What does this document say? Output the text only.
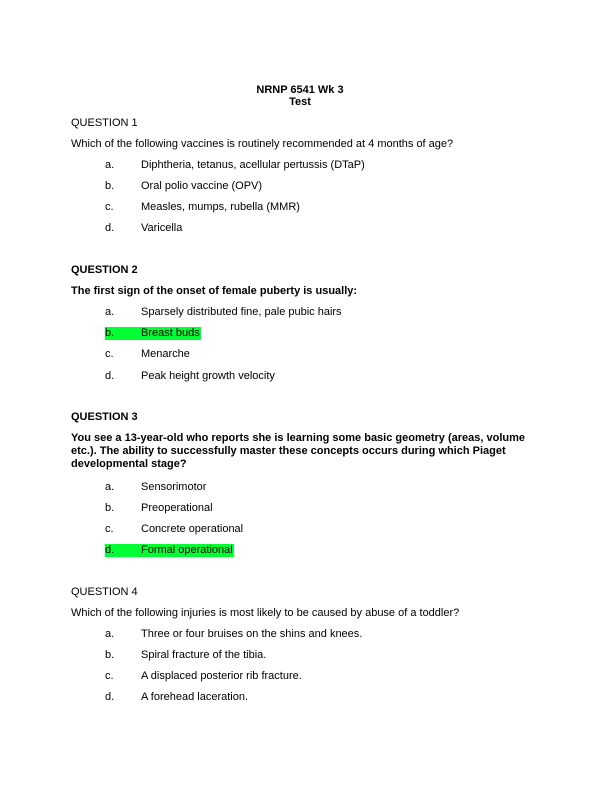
NRNP 6541 Wk 3
Test
QUESTION 1
Which of the following vaccines is routinely recommended at 4 months of age?
a. Diphtheria, tetanus, acellular pertussis (DTaP)
b. Oral polio vaccine (OPV)
c. Measles, mumps, rubella (MMR)
d. Varicella
QUESTION 2
The first sign of the onset of female puberty is usually:
a. Sparsely distributed fine, pale pubic hairs
b. Breast buds
c. Menarche
d. Peak height growth velocity
QUESTION 3
You see a 13-year-old who reports she is learning some basic geometry (areas, volume etc.). The ability to successfully master these concepts occurs during which Piaget developmental stage?
a. Sensorimotor
b. Preoperational
c. Concrete operational
d. Formal operational
QUESTION 4
Which of the following injuries is most likely to be caused by abuse of a toddler?
a. Three or four bruises on the shins and knees.
b. Spiral fracture of the tibia.
c. A displaced posterior rib fracture.
d. A forehead laceration.
